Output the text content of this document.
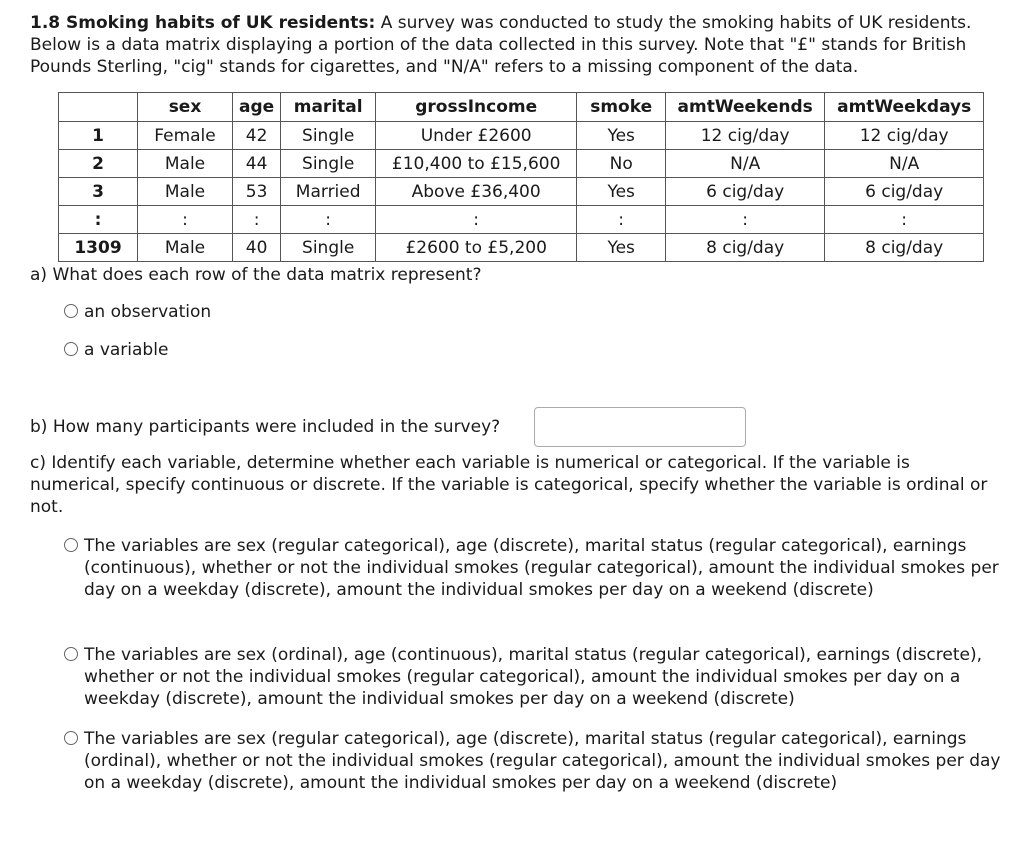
1.8 Smoking habits of UK residents: A survey was conducted to study the smoking habits of UK residents. Below is a data matrix displaying a portion of the data collected in this survey. Note that "£" stands for British Pounds Sterling, "cig" stands for cigarettes, and "N/A" refers to a missing component of the data.

	sex	age	marital	grossIncome	smoke	amtWeekends	amtWeekdays
1	Female	42	Single	Under £2600	Yes	12 cig/day	12 cig/day
2	Male	44	Single	£10,400 to £15,600	No	N/A	N/A
3	Male	53	Married	Above £36,400	Yes	6 cig/day	6 cig/day
:	:	:	:	:	:	:	:
1309	Male	40	Single	£2600 to £5,200	Yes	8 cig/day	8 cig/day

a) What does each row of the data matrix represent?

an observation
a variable

b) How many participants were included in the survey?

c) Identify each variable, determine whether each variable is numerical or categorical. If the variable is numerical, specify continuous or discrete. If the variable is categorical, specify whether the variable is ordinal or not.

The variables are sex (regular categorical), age (discrete), marital status (regular categorical), earnings (continuous), whether or not the individual smokes (regular categorical), amount the individual smokes per day on a weekday (discrete), amount the individual smokes per day on a weekend (discrete)
The variables are sex (ordinal), age (continuous), marital status (regular categorical), earnings (discrete), whether or not the individual smokes (regular categorical), amount the individual smokes per day on a weekday (discrete), amount the individual smokes per day on a weekend (discrete)
The variables are sex (regular categorical), age (discrete), marital status (regular categorical), earnings (ordinal), whether or not the individual smokes (regular categorical), amount the individual smokes per day on a weekday (discrete), amount the individual smokes per day on a weekend (discrete)
